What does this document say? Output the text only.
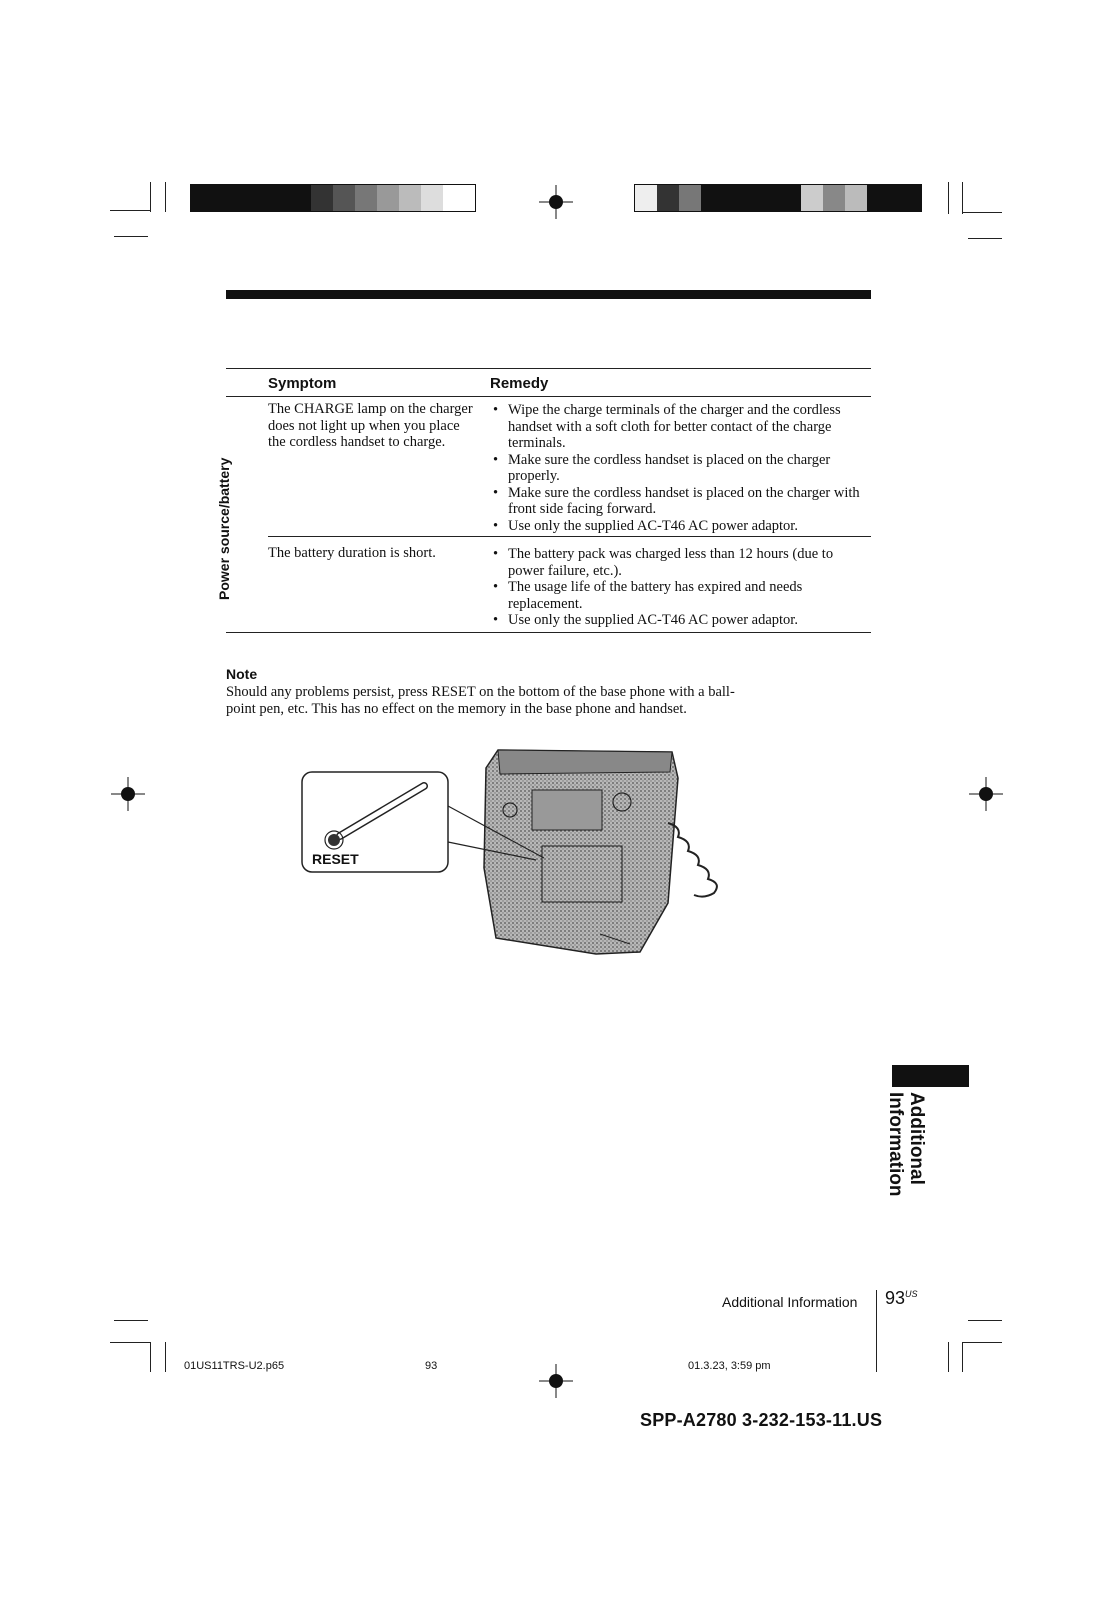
Symptom	Remedy
Power source/battery
The CHARGE lamp on the charger does not light up when you place the cordless handset to charge.
• Wipe the charge terminals of the charger and the cordless handset with a soft cloth for better contact of the charge terminals.
• Make sure the cordless handset is placed on the charger properly.
• Make sure the cordless handset is placed on the charger with front side facing forward.
• Use only the supplied AC-T46 AC power adaptor.
The battery duration is short.
•	The battery pack was charged less than 12 hours (due to power failure, etc.).
• The usage life of the battery has expired and needs replacement.
• Use only the supplied AC-T46 AC power adaptor.
Note
Should any problems persist, press RESET on the bottom of the base phone with a ball-point pen, etc. This has no effect on the memory in the base phone and handset.
RESET
Additional Information
Additional Information $93^{US}$
01US11TRS-U2.p65	93	01.3.23, 3:59 pm
SPP-A2780 3-232-153-11.US
